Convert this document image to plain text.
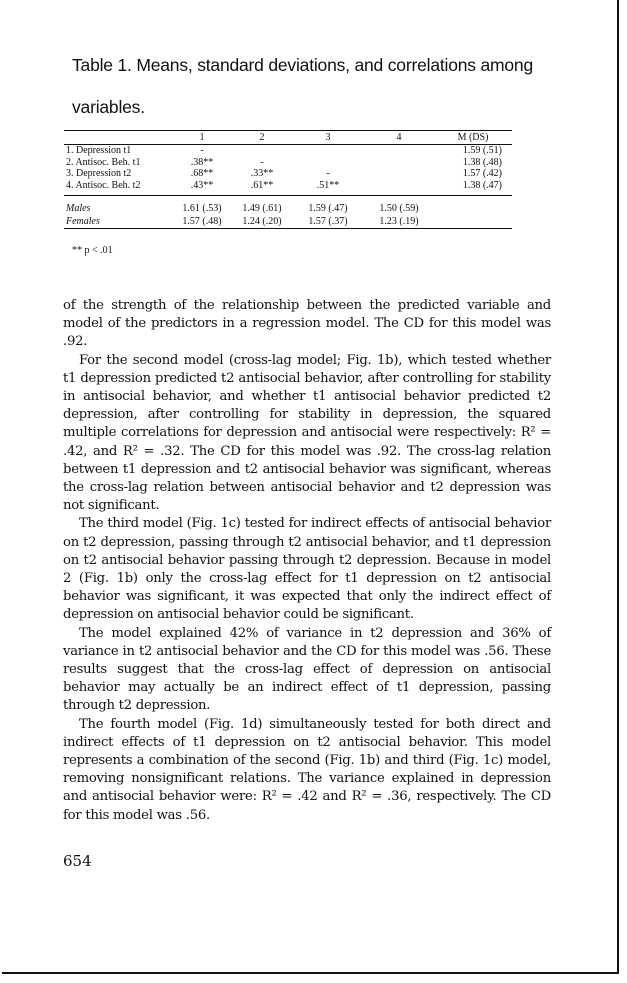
Table 1. Means, standard deviations, and correlations among
variables.
	1	2	3	4	M (DS)
1. Depression t1	-				1.59 (.51)
2. Antisoc. Beh. t1	.38**	-			1.38 (.48)
3. Depression t2	.68**	.33**	-		1.57 (.42)
4. Antisoc. Beh. t2	.43**	.61**	.51**		1.38 (.47)

Males	1.61 (.53)	1.49 (.61)	1.59 (.47)	1.50 (.59)	
Females	1.57 (.48)	1.24 (.20)	1.57 (.37)	1.23 (.19)	
** p < .01

of the strength of the relationship between the predicted variable and model of the predictors in a regression model. The CD for this model was .92.

For the second model (cross-lag model; Fig. 1b), which tested whether t1 depression predicted t2 antisocial behavior, after controlling for stability in antisocial behavior, and whether t1 antisocial behavior predicted t2 depression, after controlling for stability in depression, the squared multiple correlations for depression and antisocial were respectively: R² = .42, and R² = .32. The CD for this model was .92. The cross-lag relation between t1 depression and t2 antisocial behavior was significant, whereas the cross-lag relation between antisocial behavior and t2 depression was not significant.

The third model (Fig. 1c) tested for indirect effects of antisocial behavior on t2 depression, passing through t2 antisocial behavior, and t1 depression on t2 antisocial behavior passing through t2 depression. Because in model 2 (Fig. 1b) only the cross-lag effect for t1 depression on t2 antisocial behavior was significant, it was expected that only the indirect effect of depression on antisocial behavior could be significant.

The model explained 42% of variance in t2 depression and 36% of variance in t2 antisocial behavior and the CD for this model was .56. These results suggest that the cross-lag effect of depression on antisocial behavior may actually be an indirect effect of t1 depression, passing through t2 depression.

The fourth model (Fig. 1d) simultaneously tested for both direct and indirect effects of t1 depression on t2 antisocial behavior. This model represents a combination of the second (Fig. 1b) and third (Fig. 1c) model, removing nonsignificant relations. The variance explained in depression and antisocial behavior were: R² = .42 and R² = .36, respectively. The CD for this model was .56.

654
